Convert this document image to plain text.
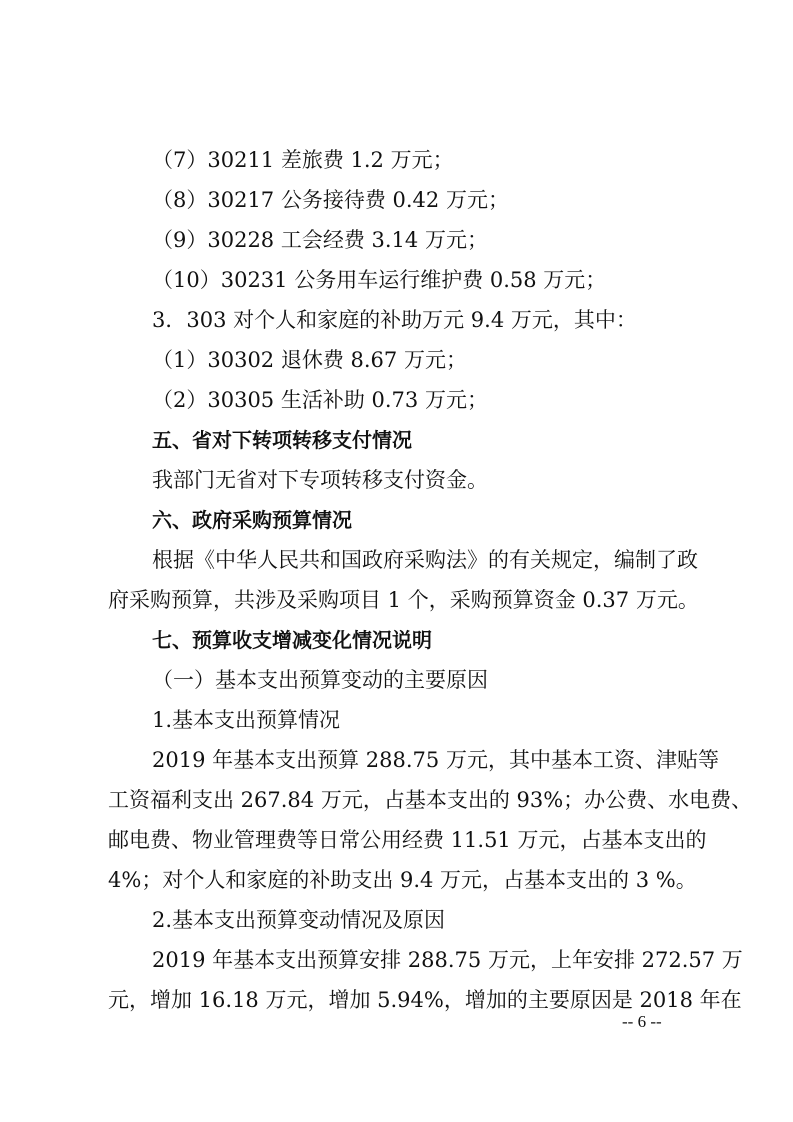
（7）30211 差旅费 1.2 万元；
（8）30217 公务接待费 0.42 万元；
（9）30228 工会经费 3.14 万元；
（10）30231 公务用车运行维护费 0.58 万元；
3．303 对个人和家庭的补助万元 9.4 万元，其中：
（1）30302 退休费 8.67 万元；
（2）30305 生活补助 0.73 万元；
五、省对下转项转移支付情况
我部门无省对下专项转移支付资金。
六、政府采购预算情况
根据《中华人民共和国政府采购法》的有关规定，编制了政
府采购预算，共涉及采购项目 1 个，采购预算资金 0.37 万元。
七、预算收支增减变化情况说明
（一）基本支出预算变动的主要原因
1.基本支出预算情况
2019 年基本支出预算 288.75 万元，其中基本工资、津贴等
工资福利支出 267.84 万元，占基本支出的 93%；办公费、水电费、
邮电费、物业管理费等日常公用经费 11.51 万元，占基本支出的
4%；对个人和家庭的补助支出 9.4 万元，占基本支出的 3 %。
2.基本支出预算变动情况及原因
2019 年基本支出预算安排 288.75 万元，上年安排 272.57 万
元，增加 16.18 万元，增加 5.94%，增加的主要原因是 2018 年在
-- 6 --
